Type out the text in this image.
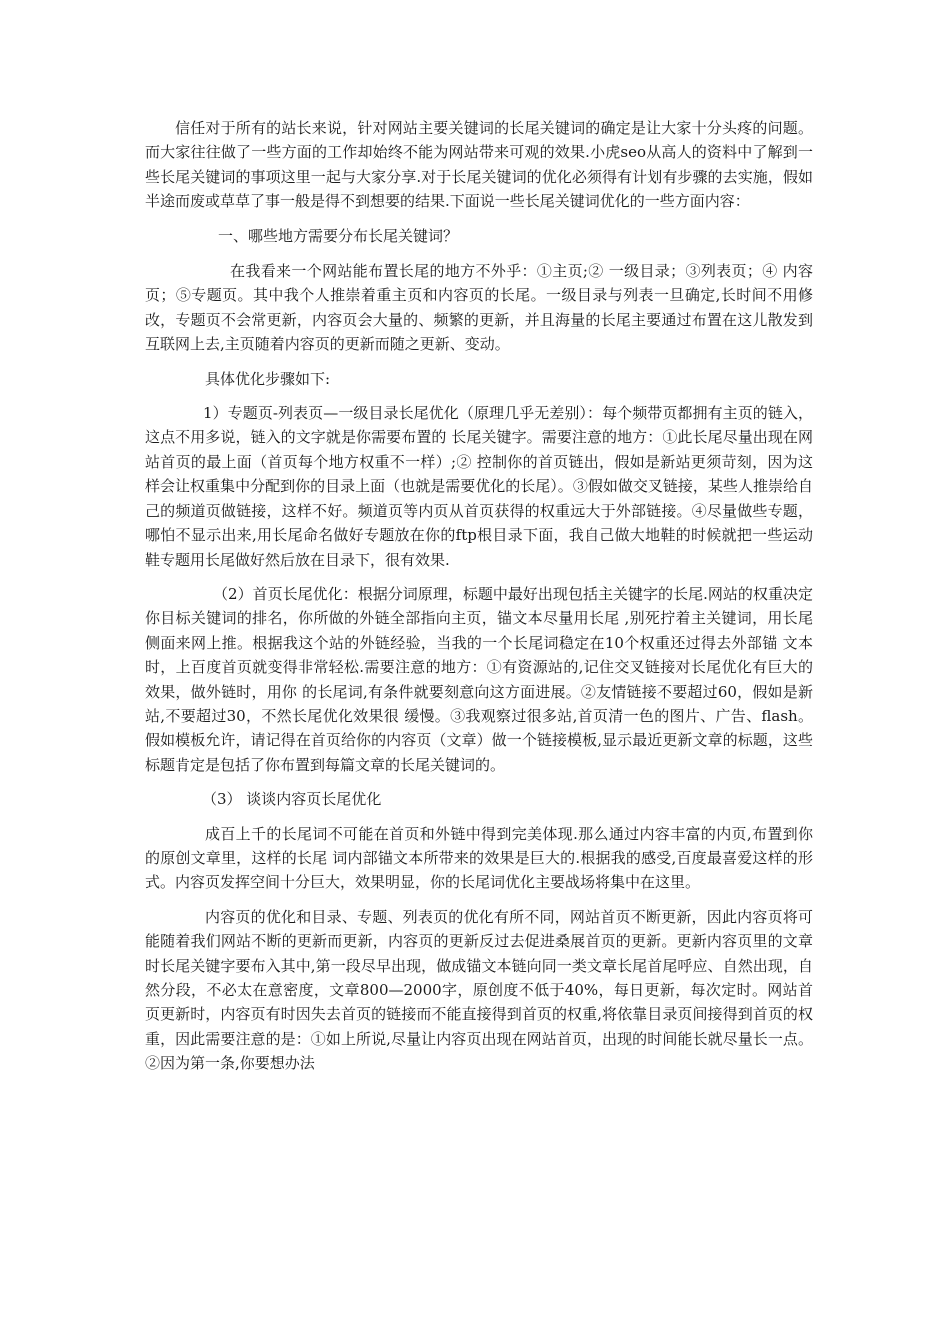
信任对于所有的站长来说，针对网站主要关键词的长尾关键词的确定是让大家十分头疼的问题。而大家往往做了一些方面的工作却始终不能为网站带来可观的效果.小虎seo从高人的资料中了解到一些长尾关键词的事项这里一起与大家分享.对于长尾关键词的优化必须得有计划有步骤的去实施，假如半途而废或草草了事一般是得不到想要的结果.下面说一些长尾关键词优化的一些方面内容：

一、哪些地方需要分布长尾关键词？

在我看来一个网站能布置长尾的地方不外乎：①主页;② 一级目录；③列表页；④ 内容页；⑤专题页。其中我个人推崇着重主页和内容页的长尾。一级目录与列表一旦确定,长时间不用修改，专题页不会常更新，内容页会大量的、频繁的更新，并且海量的长尾主要通过布置在这儿散发到互联网上去,主页随着内容页的更新而随之更新、变动。

具体优化步骤如下:

1）专题页-列表页—一级目录长尾优化（原理几乎无差别）：每个频带页都拥有主页的链入，这点不用多说，链入的文字就是你需要布置的 长尾关键字。需要注意的地方：①此长尾尽量出现在网站首页的最上面（首页每个地方权重不一样）;② 控制你的首页链出，假如是新站更须苛刻，因为这样会让权重集中分配到你的目录上面（也就是需要优化的长尾）。③假如做交叉链接，某些人推崇给自己的频道页做链接，这样不好。频道页等内页从首页获得的权重远大于外部链接。④尽量做些专题，哪怕不显示出来,用长尾命名做好专题放在你的ftp根目录下面，我自己做大地鞋的时候就把一些运动鞋专题用长尾做好然后放在目录下，很有效果.

（2）首页长尾优化：根据分词原理，标题中最好出现包括主关键字的长尾.网站的权重决定你目标关键词的排名，你所做的外链全部指向主页，锚文本尽量用长尾 ,别死拧着主关键词，用长尾侧面来网上推。根据我这个站的外链经验，当我的一个长尾词稳定在10个权重还过得去外部锚 文本时，上百度首页就变得非常轻松.需要注意的地方：①有资源站的,记住交叉链接对长尾优化有巨大的效果，做外链时，用你 的长尾词,有条件就要刻意向这方面进展。②友情链接不要超过60，假如是新站,不要超过30，不然长尾优化效果很 缓慢。③我观察过很多站,首页清一色的图片、广告、flash。假如模板允许，请记得在首页给你的内容页（文章）做一个链接模板,显示最近更新文章的标题，这些标题肯定是包括了你布置到每篇文章的长尾关键词的。

（3） 谈谈内容页长尾优化

成百上千的长尾词不可能在首页和外链中得到完美体现.那么通过内容丰富的内页,布置到你的原创文章里，这样的长尾 词内部锚文本所带来的效果是巨大的.根据我的感受,百度最喜爱这样的形式。内容页发挥空间十分巨大，效果明显，你的长尾词优化主要战场将集中在这里。

内容页的优化和目录、专题、列表页的优化有所不同，网站首页不断更新，因此内容页将可能随着我们网站不断的更新而更新，内容页的更新反过去促进桑展首页的更新。更新内容页里的文章时长尾关键字要布入其中,第一段尽早出现，做成锚文本链向同一类文章长尾首尾呼应、自然出现，自然分段，不必太在意密度，文章800—2000字，原创度不低于40%，每日更新，每次定时。网站首页更新时，内容页有时因失去首页的链接而不能直接得到首页的权重,将依靠目录页间接得到首页的权重，因此需要注意的是：①如上所说,尽量让内容页出现在网站首页，出现的时间能长就尽量长一点。②因为第一条,你要想办法
